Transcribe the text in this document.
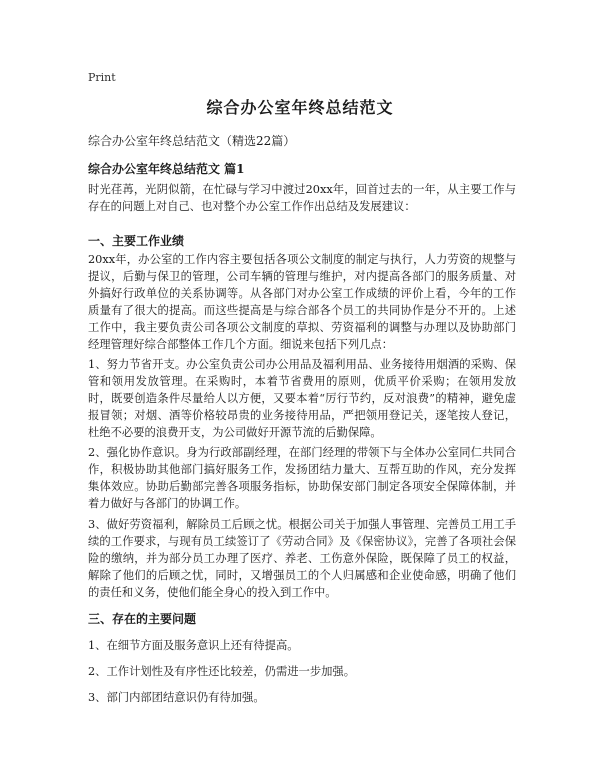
Print
综合办公室年终总结范文
综合办公室年终总结范文（精选22篇）
综合办公室年终总结范文 篇1
时光荏苒，光阴似箭，在忙碌与学习中渡过20xx年，回首过去的一年，从主要工作与存在的问题上对自己、也对整个办公室工作作出总结及发展建议：
一、主要工作业绩
20xx年，办公室的工作内容主要包括各项公文制度的制定与执行，人力劳资的规整与提议，后勤与保卫的管理，公司车辆的管理与维护，对内提高各部门的服务质量、对外搞好行政单位的关系协调等。从各部门对办公室工作成绩的评价上看，今年的工作质量有了很大的提高。而这些提高是与综合部各个员工的共同协作是分不开的。上述工作中，我主要负责公司各项公文制度的草拟、劳资福利的调整与办理以及协助部门经理管理好综合部整体工作几个方面。细说来包括下列几点：
1、努力节省开支。办公室负责公司办公用品及福利用品、业务接待用烟酒的采购、保管和领用发放管理。在采购时，本着节省费用的原则，优质平价采购；在领用发放时，既要创造条件尽量给人以方便，又要本着“厉行节约，反对浪费”的精神，避免虚报冒领；对烟、酒等价格较昂贵的业务接待用品，严把领用登记关，逐笔按人登记，杜绝不必要的浪费开支，为公司做好开源节流的后勤保障。
2、强化协作意识。身为行政部副经理，在部门经理的带领下与全体办公室同仁共同合作，积极协助其他部门搞好服务工作，发扬团结力量大、互帮互助的作风，充分发挥集体效应。协助后勤部完善各项服务指标，协助保安部门制定各项安全保障体制，并着力做好与各部门的协调工作。
3、做好劳资福利，解除员工后顾之忧。根据公司关于加强人事管理、完善员工用工手续的工作要求，与现有员工续签订了《劳动合同》及《保密协议》，完善了各项社会保险的缴纳，并为部分员工办理了医疗、养老、工伤意外保险，既保障了员工的权益，解除了他们的后顾之忧，同时，又增强员工的个人归属感和企业使命感，明确了他们的责任和义务，使他们能全身心的投入到工作中。
三、存在的主要问题
1、在细节方面及服务意识上还有待提高。
2、工作计划性及有序性还比较差，仍需进一步加强。
3、部门内部团结意识仍有待加强。
